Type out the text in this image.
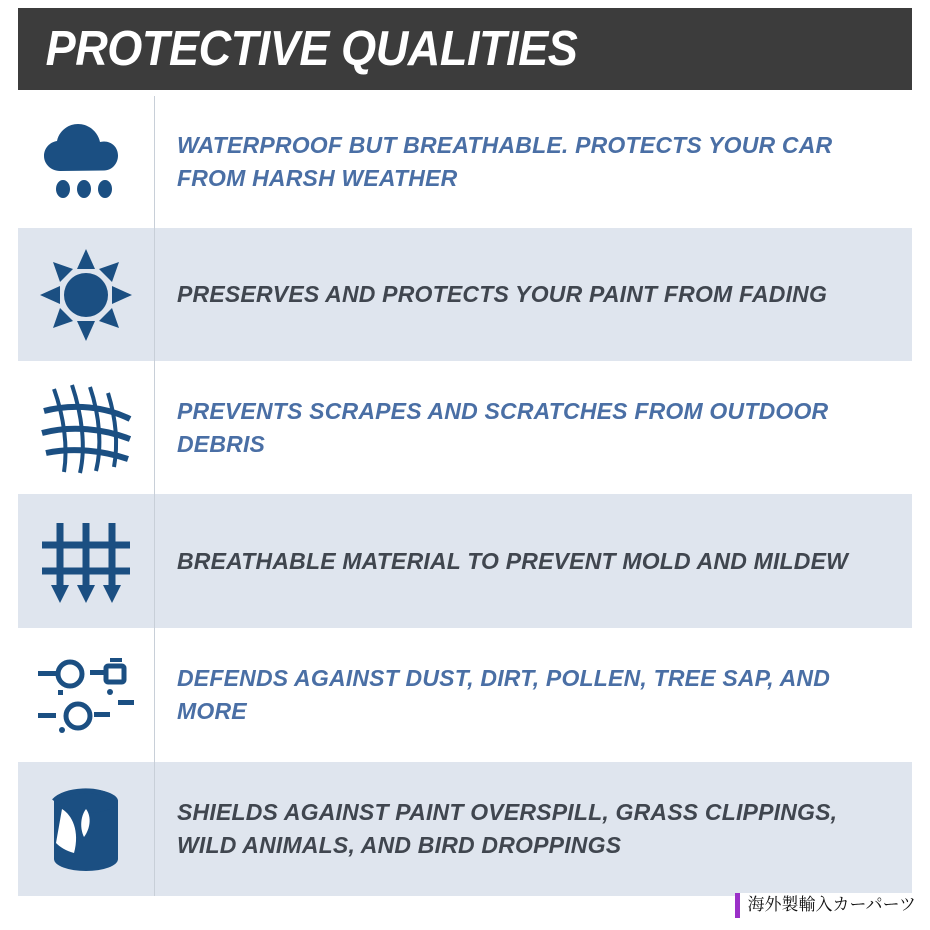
PROTECTIVE QUALITIES
WATERPROOF BUT BREATHABLE. PROTECTS YOUR CAR FROM HARSH WEATHER
PRESERVES AND PROTECTS YOUR PAINT FROM FADING
PREVENTS SCRAPES AND SCRATCHES FROM OUTDOOR DEBRIS
BREATHABLE MATERIAL TO PREVENT MOLD AND MILDEW
DEFENDS AGAINST DUST, DIRT, POLLEN, TREE SAP, AND MORE
SHIELDS AGAINST PAINT OVERSPILL, GRASS CLIPPINGS, WILD ANIMALS, AND BIRD DROPPINGS
海外製輸入カーパーツ
